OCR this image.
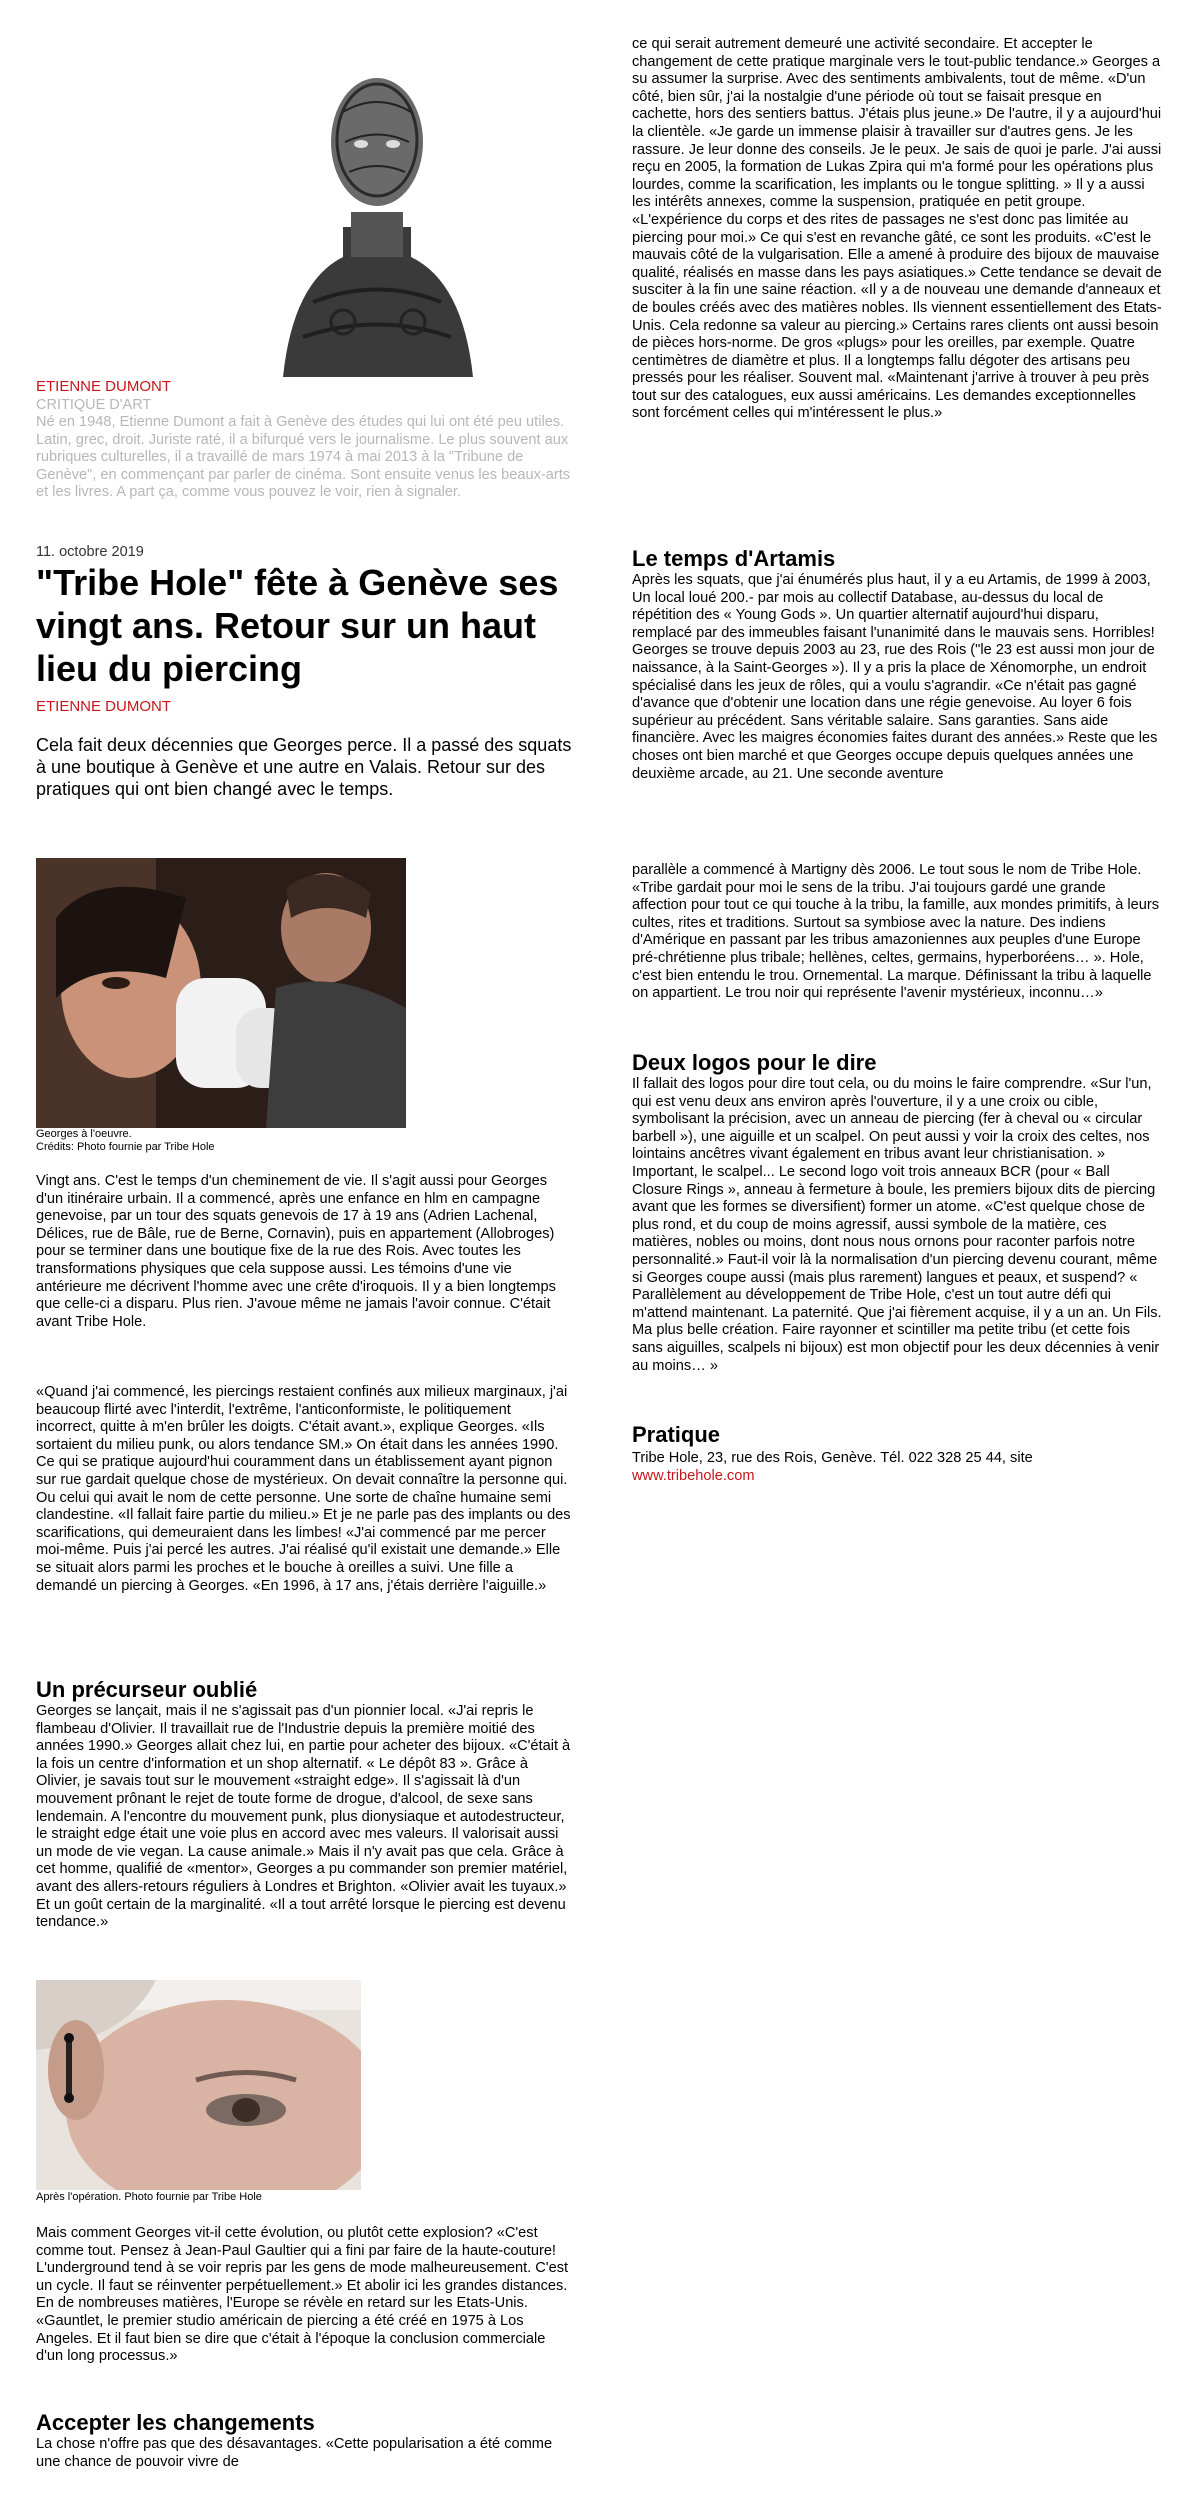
ETIENNE DUMONT
CRITIQUE D'ART
Né en 1948, Etienne Dumont a fait à Genève des études qui lui ont été peu utiles. Latin, grec, droit. Juriste raté, il a bifurqué vers le journalisme. Le plus souvent aux rubriques culturelles, il a travaillé de mars 1974 à mai 2013 à la "Tribune de Genève", en commençant par parler de cinéma. Sont ensuite venus les beaux-arts et les livres. A part ça, comme vous pouvez le voir, rien à signaler.
11. octobre 2019
"Tribe Hole" fête à Genève ses vingt ans. Retour sur un haut lieu du piercing
ETIENNE DUMONT
Cela fait deux décennies que Georges perce. Il a passé des squats à une boutique à Genève et une autre en Valais. Retour sur des pratiques qui ont bien changé avec le temps.
Georges à l'oeuvre.
Crédits: Photo fournie par Tribe Hole

Vingt ans. C'est le temps d'un cheminement de vie. Il s'agit aussi pour Georges d'un itinéraire urbain. Il a commencé, après une enfance en hlm en campagne genevoise, par un tour des squats genevois de 17 à 19 ans (Adrien Lachenal, Délices, rue de Bâle, rue de Berne, Cornavin), puis en appartement (Allobroges) pour se terminer dans une boutique fixe de la rue des Rois. Avec toutes les transformations physiques que cela suppose aussi. Les témoins d'une vie antérieure me décrivent l'homme avec une crête d'iroquois. Il y a bien longtemps que celle-ci a disparu. Plus rien. J'avoue même ne jamais l'avoir connue. C'était avant Tribe Hole.

«Quand j'ai commencé, les piercings restaient confinés aux milieux marginaux, j'ai beaucoup flirté avec l'interdit, l'extrême, l'anticonformiste, le politiquement incorrect, quitte à m'en brûler les doigts. C'était avant.», explique Georges. «Ils sortaient du milieu punk, ou alors tendance SM.» On était dans les années 1990. Ce qui se pratique aujourd'hui couramment dans un établissement ayant pignon sur rue gardait quelque chose de mystérieux. On devait connaître la personne qui. Ou celui qui avait le nom de cette personne. Une sorte de chaîne humaine semi clandestine. «Il fallait faire partie du milieu.» Et je ne parle pas des implants ou des scarifications, qui demeuraient dans les limbes! «J'ai commencé par me percer moi-même. Puis j'ai percé les autres. J'ai réalisé qu'il existait une demande.» Elle se situait alors parmi les proches et le bouche à oreilles a suivi. Une fille a demandé un piercing à Georges. «En 1996, à 17 ans, j'étais derrière l'aiguille.»

Un précurseur oublié

Georges se lançait, mais il ne s'agissait pas d'un pionnier local. «J'ai repris le flambeau d'Olivier. Il travaillait rue de l'Industrie depuis la première moitié des années 1990.» Georges allait chez lui, en partie pour acheter des bijoux. «C'était à la fois un centre d'information et un shop alternatif. « Le dépôt 83 ». Grâce à Olivier, je savais tout sur le mouvement «straight edge». Il s'agissait là d'un mouvement prônant le rejet de toute forme de drogue, d'alcool, de sexe sans lendemain. A l'encontre du mouvement punk, plus dionysiaque et autodestructeur, le straight edge était une voie plus en accord avec mes valeurs. Il valorisait aussi un mode de vie vegan. La cause animale.» Mais il n'y avait pas que cela. Grâce à cet homme, qualifié de «mentor», Georges a pu commander son premier matériel, avant des allers-retours réguliers à Londres et Brighton. «Olivier avait les tuyaux.» Et un goût certain de la marginalité. «Il a tout arrêté lorsque le piercing est devenu tendance.»

Après l'opération. Photo fournie par Tribe Hole

Mais comment Georges vit-il cette évolution, ou plutôt cette explosion? «C'est comme tout. Pensez à Jean-Paul Gaultier qui a fini par faire de la haute-couture! L'underground tend à se voir repris par les gens de mode malheureusement. C'est un cycle. Il faut se réinventer perpétuellement.» Et abolir ici les grandes distances. En de nombreuses matières, l'Europe se révèle en retard sur les Etats-Unis. «Gauntlet, le premier studio américain de piercing a été créé en 1975 à Los Angeles. Et il faut bien se dire que c'était à l'époque la conclusion commerciale d'un long processus.»

Accepter les changements

La chose n'offre pas que des désavantages. «Cette popularisation a été comme une chance de pouvoir vivre de

ce qui serait autrement demeuré une activité secondaire. Et accepter le changement de cette pratique marginale vers le tout-public tendance.» Georges a su assumer la surprise. Avec des sentiments ambivalents, tout de même. «D'un côté, bien sûr, j'ai la nostalgie d'une période où tout se faisait presque en cachette, hors des sentiers battus. J'étais plus jeune.» De l'autre, il y a aujourd'hui la clientèle. «Je garde un immense plaisir à travailler sur d'autres gens. Je les rassure. Je leur donne des conseils. Je le peux. Je sais de quoi je parle. J'ai aussi reçu en 2005, la formation de Lukas Zpira qui m'a formé pour les opérations plus lourdes, comme la scarification, les implants ou le tongue splitting. » Il y a aussi les intérêts annexes, comme la suspension, pratiquée en petit groupe. «L'expérience du corps et des rites de passages ne s'est donc pas limitée au piercing pour moi.» Ce qui s'est en revanche gâté, ce sont les produits. «C'est le mauvais côté de la vulgarisation. Elle a amené à produire des bijoux de mauvaise qualité, réalisés en masse dans les pays asiatiques.» Cette tendance se devait de susciter à la fin une saine réaction. «Il y a de nouveau une demande d'anneaux et de boules créés avec des matières nobles. Ils viennent essentiellement des Etats-Unis. Cela redonne sa valeur au piercing.» Certains rares clients ont aussi besoin de pièces hors-norme. De gros «plugs» pour les oreilles, par exemple. Quatre centimètres de diamètre et plus. Il a longtemps fallu dégoter des artisans peu pressés pour les réaliser. Souvent mal. «Maintenant j'arrive à trouver à peu près tout sur des catalogues, eux aussi américains. Les demandes exceptionnelles sont forcément celles qui m'intéressent le plus.»

Le temps d'Artamis

Après les squats, que j'ai énumérés plus haut, il y a eu Artamis, de 1999 à 2003, Un local loué 200.- par mois au collectif Database, au-dessus du local de répétition des « Young Gods ». Un quartier alternatif aujourd'hui disparu, remplacé par des immeubles faisant l'unanimité dans le mauvais sens. Horribles! Georges se trouve depuis 2003 au 23, rue des Rois ("le 23 est aussi mon jour de naissance, à la Saint-Georges »). Il y a pris la place de Xénomorphe, un endroit spécialisé dans les jeux de rôles, qui a voulu s'agrandir. «Ce n'était pas gagné d'avance que d'obtenir une location dans une régie genevoise. Au loyer 6 fois supérieur au précédent. Sans véritable salaire. Sans garanties. Sans aide financière. Avec les maigres économies faites durant des années.» Reste que les choses ont bien marché et que Georges occupe depuis quelques années une deuxième arcade, au 21. Une seconde aventure

parallèle a commencé à Martigny dès 2006. Le tout sous le nom de Tribe Hole. «Tribe gardait pour moi le sens de la tribu. J'ai toujours gardé une grande affection pour tout ce qui touche à la tribu, la famille, aux mondes primitifs, à leurs cultes, rites et traditions. Surtout sa symbiose avec la nature. Des indiens d'Amérique en passant par les tribus amazoniennes aux peuples d'une Europe pré-chrétienne plus tribale; hellènes, celtes, germains, hyperboréens… ». Hole, c'est bien entendu le trou. Ornemental. La marque. Définissant la tribu à laquelle on appartient. Le trou noir qui représente l'avenir mystérieux, inconnu…»

Deux logos pour le dire

Il fallait des logos pour dire tout cela, ou du moins le faire comprendre. «Sur l'un, qui est venu deux ans environ après l'ouverture, il y a une croix ou cible, symbolisant la précision, avec un anneau de piercing (fer à cheval ou « circular barbell »), une aiguille et un scalpel. On peut aussi y voir la croix des celtes, nos lointains ancêtres vivant également en tribus avant leur christianisation. » Important, le scalpel... Le second logo voit trois anneaux BCR (pour « Ball Closure Rings », anneau à fermeture à boule, les premiers bijoux dits de piercing avant que les formes se diversifient) former un atome. «C'est quelque chose de plus rond, et du coup de moins agressif, aussi symbole de la matière, ces matières, nobles ou moins, dont nous nous ornons pour raconter parfois notre personnalité.» Faut-il voir là la normalisation d'un piercing devenu courant, même si Georges coupe aussi (mais plus rarement) langues et peaux, et suspend? « Parallèlement au développement de Tribe Hole, c'est un tout autre défi qui m'attend maintenant. La paternité. Que j'ai fièrement acquise, il y a un an. Un Fils. Ma plus belle création. Faire rayonner et scintiller ma petite tribu (et cette fois sans aiguilles, scalpels ni bijoux) est mon objectif pour les deux décennies à venir au moins… »

Pratique

Tribe Hole, 23, rue des Rois, Genève. Tél. 022 328 25 44, site

www.tribehole.com
